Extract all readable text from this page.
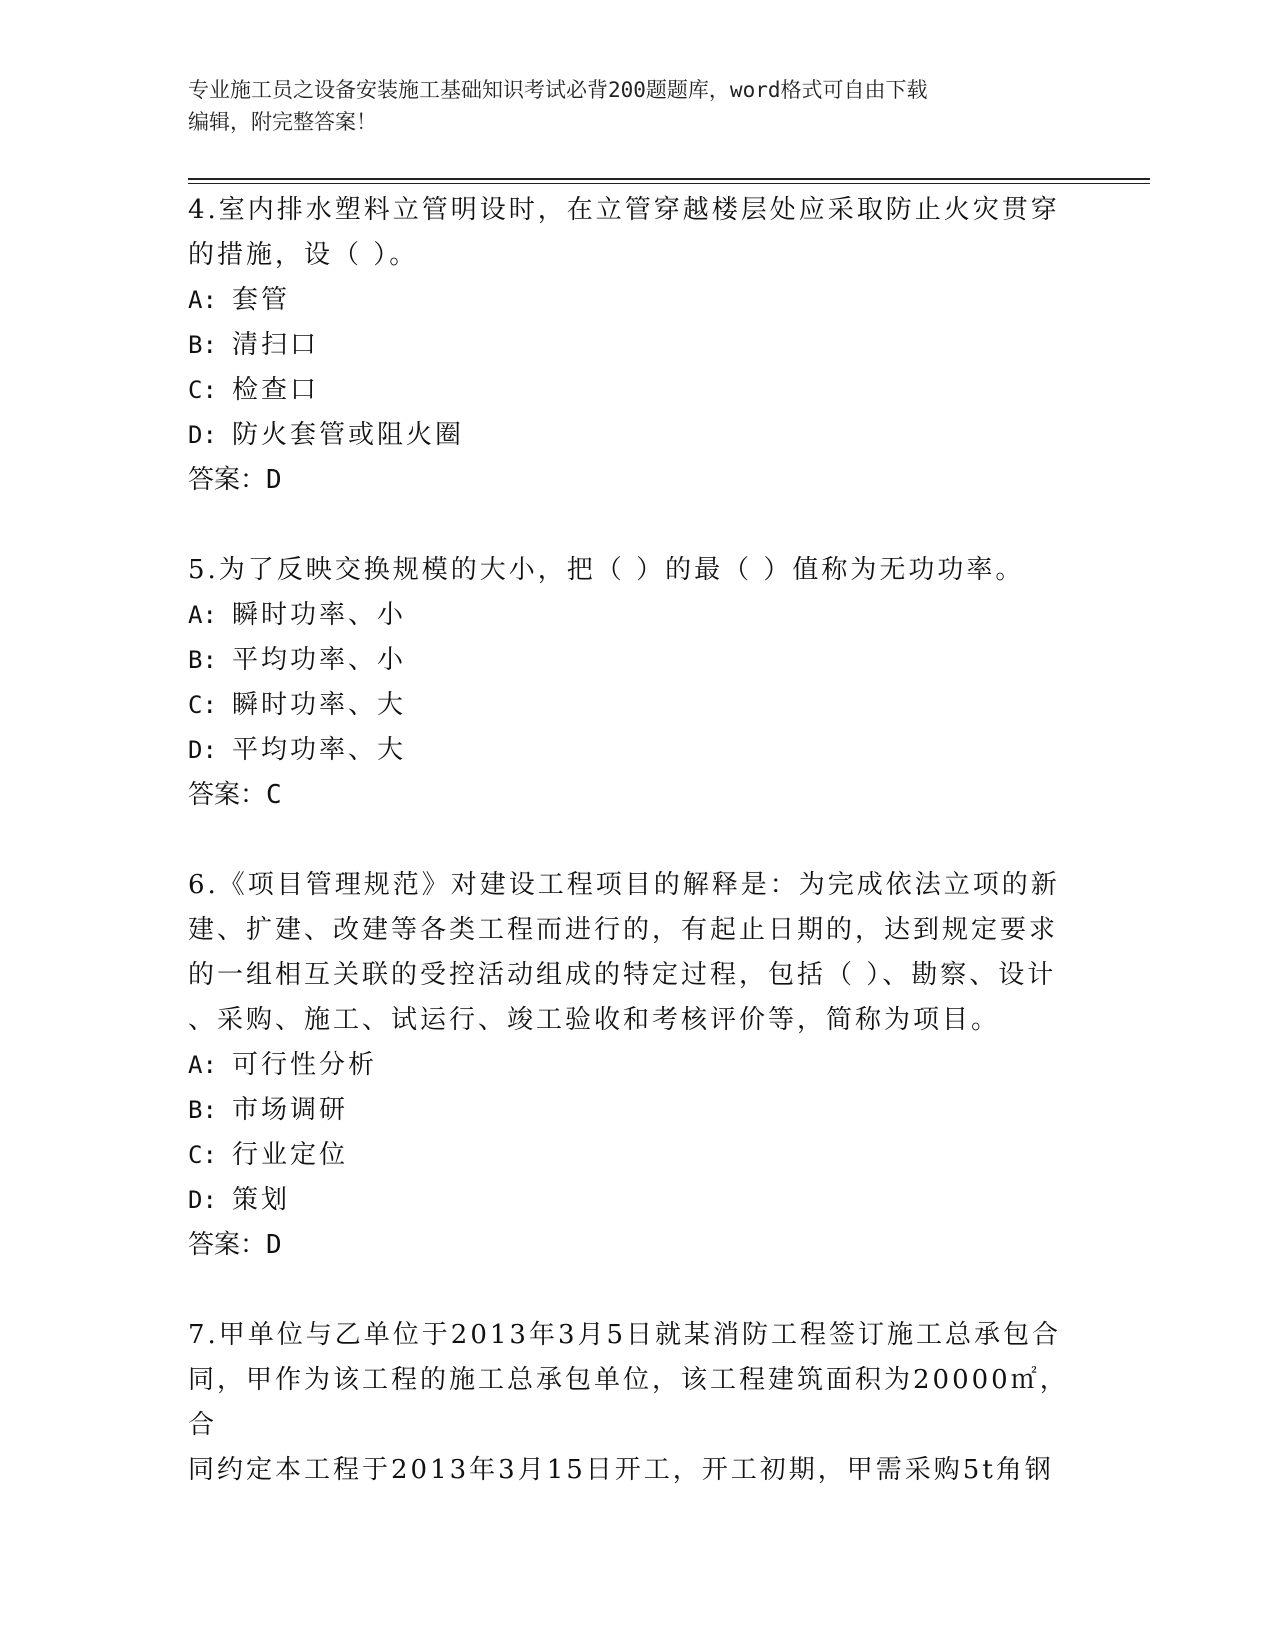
专业施工员之设备安装施工基础知识考试必背200题题库，word格式可自由下载
编辑，附完整答案！

4.室内排水塑料立管明设时，在立管穿越楼层处应采取防止火灾贯穿

的措施，设（ ）。

A: 套管

B: 清扫口

C: 检查口

D: 防火套管或阻火圈

答案：D

5.为了反映交换规模的大小，把（ ）的最（ ）值称为无功功率。

A: 瞬时功率、小

B: 平均功率、小

C: 瞬时功率、大

D: 平均功率、大

答案：C

6.《项目管理规范》对建设工程项目的解释是：为完成依法立项的新

建、扩建、改建等各类工程而进行的，有起止日期的，达到规定要求

的一组相互关联的受控活动组成的特定过程，包括（ ）、勘察、设计

、采购、施工、试运行、竣工验收和考核评价等，简称为项目。

A: 可行性分析

B: 市场调研

C: 行业定位

D: 策划

答案：D

7.甲单位与乙单位于2013年3月5日就某消防工程签订施工总承包合

同，甲作为该工程的施工总承包单位，该工程建筑面积为20000㎡，合

同约定本工程于2013年3月15日开工，开工初期，甲需采购5t角钢
